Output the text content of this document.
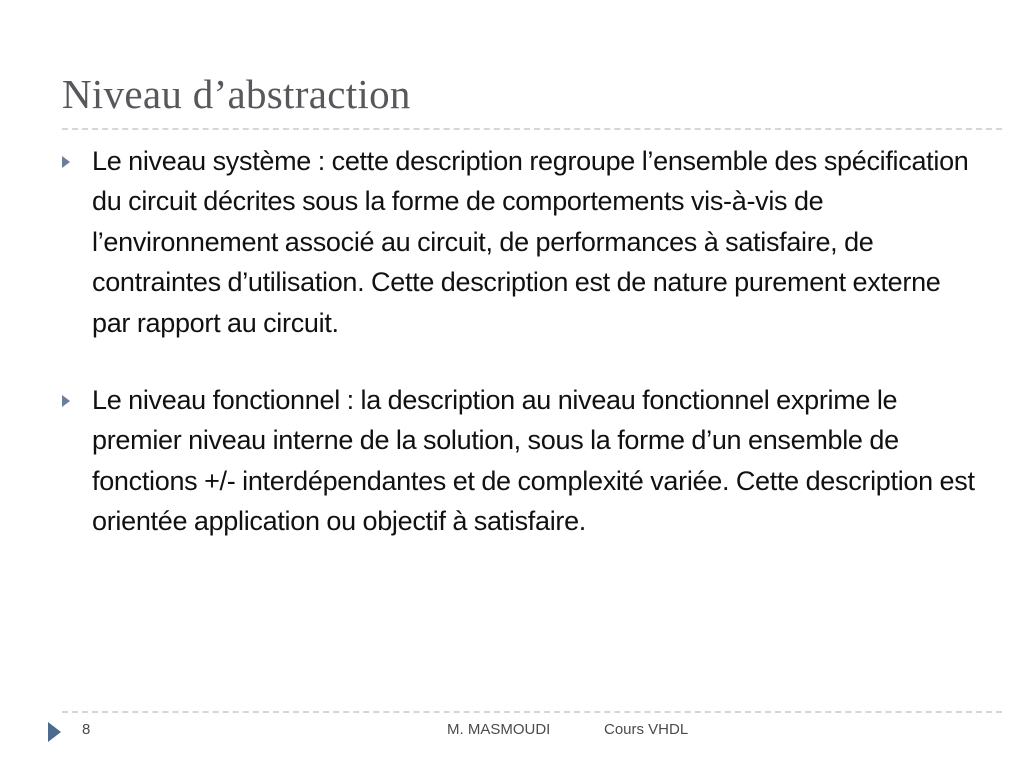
Niveau d’abstraction
Le niveau système : cette description regroupe l’ensemble des spécification du circuit décrites sous la forme de comportements vis-à-vis de l’environnement associé au circuit, de performances à satisfaire, de contraintes d’utilisation. Cette description est de nature purement externe par rapport au circuit.
Le niveau fonctionnel : la description au niveau fonctionnel exprime le premier niveau interne de la solution, sous la forme d’un ensemble de fonctions +/- interdépendantes et de complexité variée. Cette description est orientée application ou objectif à satisfaire.
8	M. MASMOUDI	Cours VHDL
